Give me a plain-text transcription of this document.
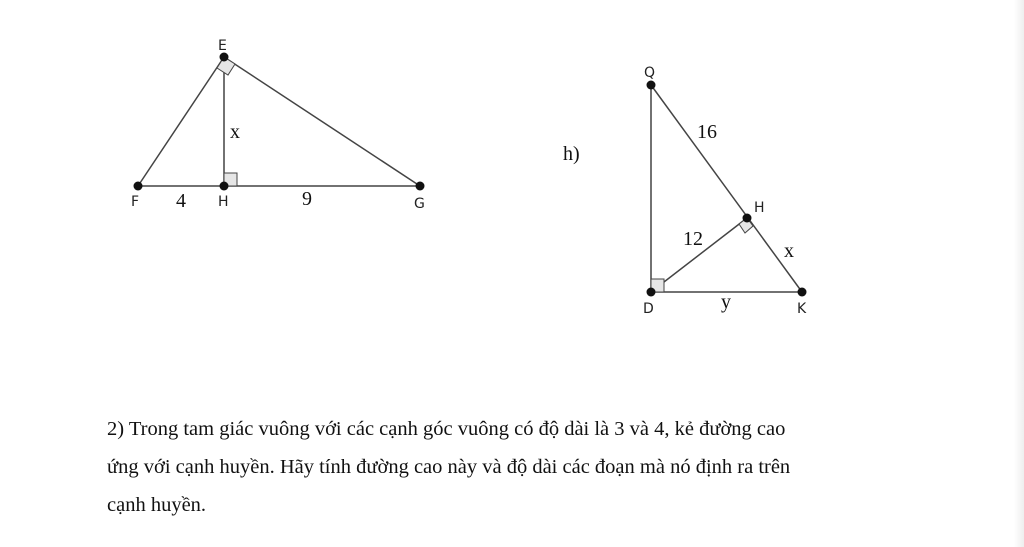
E
F	H	G
x
4	9
h)
Q
H
D	K
16
12
x
y
2) Trong tam giác vuông với các cạnh góc vuông có độ dài là 3 và 4, kẻ đường cao
ứng với cạnh huyền. Hãy tính đường cao này và độ dài các đoạn mà nó định ra trên
cạnh huyền.
